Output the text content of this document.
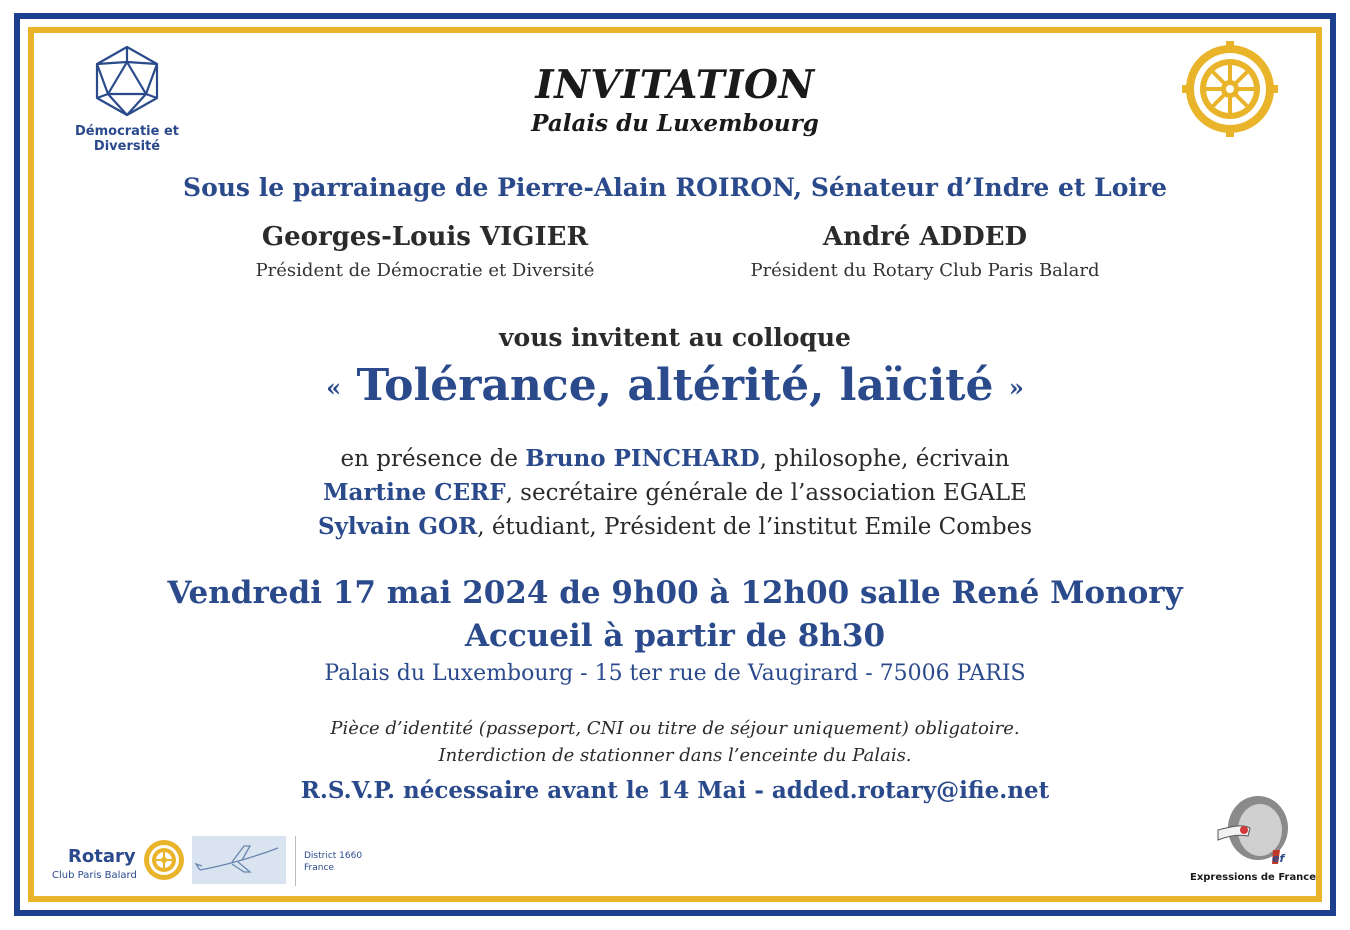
Démocratie et Diversité
INVITATION
Palais du Luxembourg
Sous le parrainage de Pierre-Alain ROIRON, Sénateur d’Indre et Loire
Georges-Louis VIGIER
Président de Démocratie et Diversité
André ADDED
Président du Rotary Club Paris Balard
vous invitent au colloque
« Tolérance, altérité, laïcité »
en présence de Bruno PINCHARD, philosophe, écrivain
Martine CERF, secrétaire générale de l’association EGALE
Sylvain GOR, étudiant, Président de l’institut Emile Combes
Vendredi 17 mai 2024 de 9h00 à 12h00 salle René Monory
Accueil à partir de 8h30
Palais du Luxembourg - 15 ter rue de Vaugirard - 75006 PARIS
Pièce d’identité (passeport, CNI ou titre de séjour uniquement) obligatoire.
Interdiction de stationner dans l’enceinte du Palais.
R.S.V.P. nécessaire avant le 14 Mai - added.rotary@ifie.net
Rotary
Club Paris Balard
District 1660
France
ef
Expressions de France
